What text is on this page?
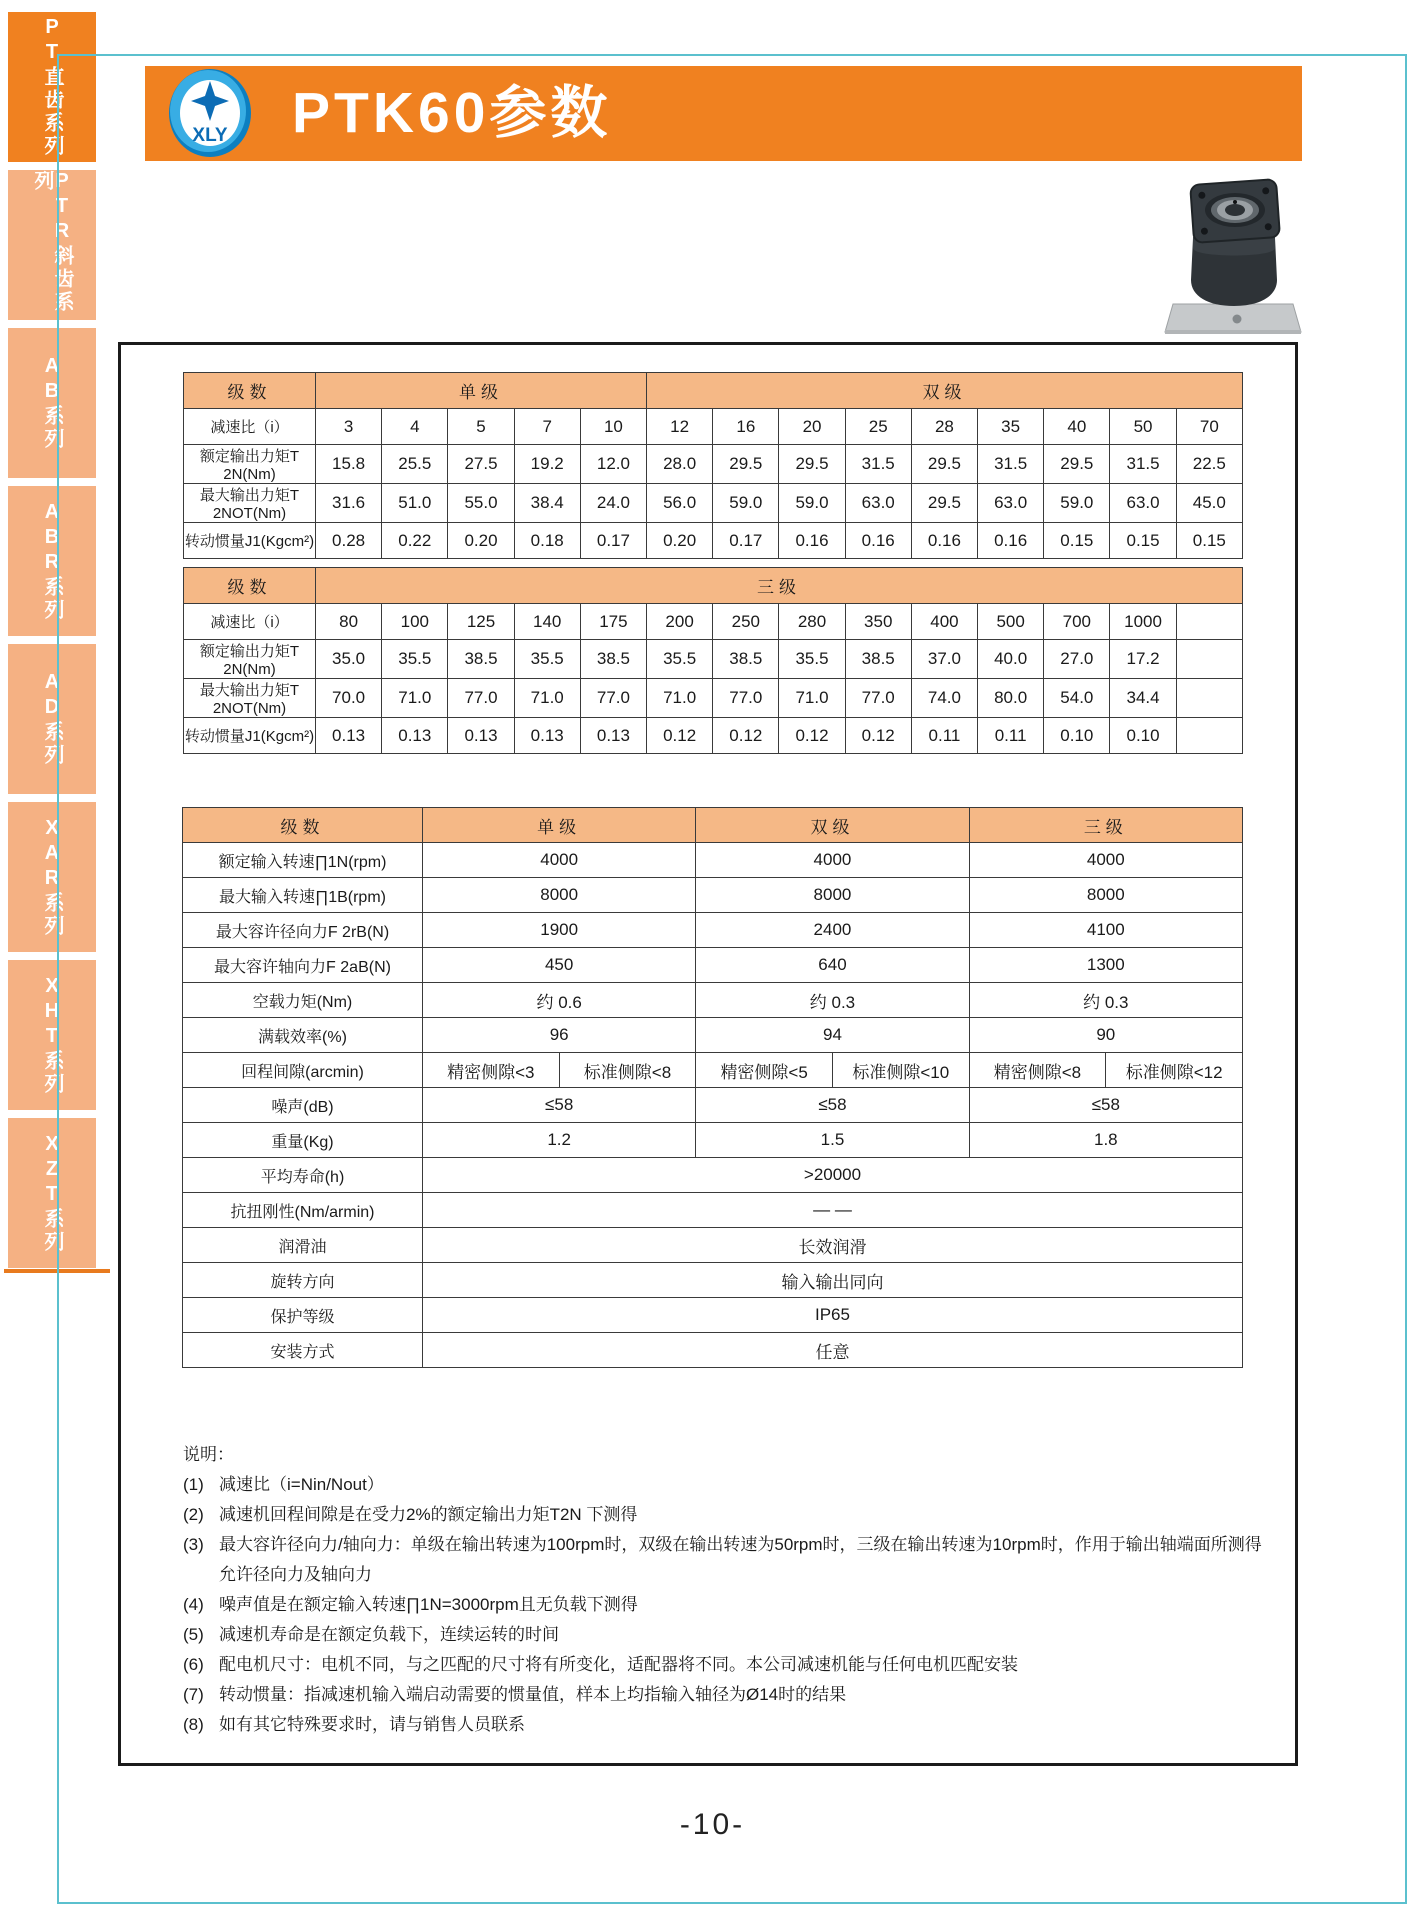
PT直齿系列
PTR斜齿系列
AB系列
ABR系列
AD系列
XAR系列
XHT系列
XZT系列
XLY PTK60参数
级数	单级					双级								
减速比（i）	3	4	5	7	10	12	16	20	25	28	35	40	50	70
额定输出力矩T 2N(Nm)	15.8	25.5	27.5	19.2	12.0	28.0	29.5	29.5	31.5	29.5	31.5	29.5	31.5	22.5
最大输出力矩T 2NOT(Nm)	31.6	51.0	55.0	38.4	24.0	56.0	59.0	59.0	63.0	29.5	63.0	59.0	63.0	45.0
转动惯量J1(Kgcm²)	0.28	0.22	0.20	0.18	0.17	0.20	0.17	0.16	0.16	0.16	0.16	0.15	0.15	0.15
级数	三级													
减速比（i）	80	100	125	140	175	200	250	280	350	400	500	700	1000	
额定输出力矩T 2N(Nm)	35.0	35.5	38.5	35.5	38.5	35.5	38.5	35.5	38.5	37.0	40.0	27.0	17.2	
最大输出力矩T 2NOT(Nm)	70.0	71.0	77.0	71.0	77.0	71.0	77.0	71.0	77.0	74.0	80.0	54.0	34.4	
转动惯量J1(Kgcm²)	0.13	0.13	0.13	0.13	0.13	0.12	0.12	0.12	0.12	0.11	0.11	0.10	0.10	
级数	单级		双级		三级	
额定输入转速∏1N(rpm)	4000		4000		4000	
最大输入转速∏1B(rpm)	8000		8000		8000	
最大容许径向力F 2rB(N)	1900		2400		4100	
最大容许轴向力F 2aB(N)	450		640		1300	
空载力矩(Nm)	约 0.6		约 0.3		约 0.3	
满载效率(%)	96		94		90	
回程间隙(arcmin)	精密侧隙<3	标准侧隙<8	精密侧隙<5	标准侧隙<10	精密侧隙<8	标准侧隙<12
噪声(dB)	≤58		≤58		≤58	
重量(Kg)	1.2		1.5		1.8	
平均寿命(h)	>20000					
抗扭刚性(Nm/armin)	— —					
润滑油	长效润滑					
旋转方向	输入输出同向					
保护等级	IP65					
安装方式	任意					
说明：
(1) 减速比（i=Nin/Nout）
(2) 减速机回程间隙是在受力2%的额定输出力矩T2N 下测得
(3) 最大容许径向力/轴向力：单级在输出转速为100rpm时，双级在输出转速为50rpm时，三级在输出转速为10rpm时，作用于输出轴端面所测得
允许径向力及轴向力
(4) 噪声值是在额定输入转速∏1N=3000rpm且无负载下测得
(5) 减速机寿命是在额定负载下，连续运转的时间
(6) 配电机尺寸：电机不同，与之匹配的尺寸将有所变化，适配器将不同。本公司减速机能与任何电机匹配安装
(7) 转动惯量：指减速机输入端启动需要的惯量值，样本上均指输入轴径为Ø14时的结果
(8) 如有其它特殊要求时，请与销售人员联系
-10-
